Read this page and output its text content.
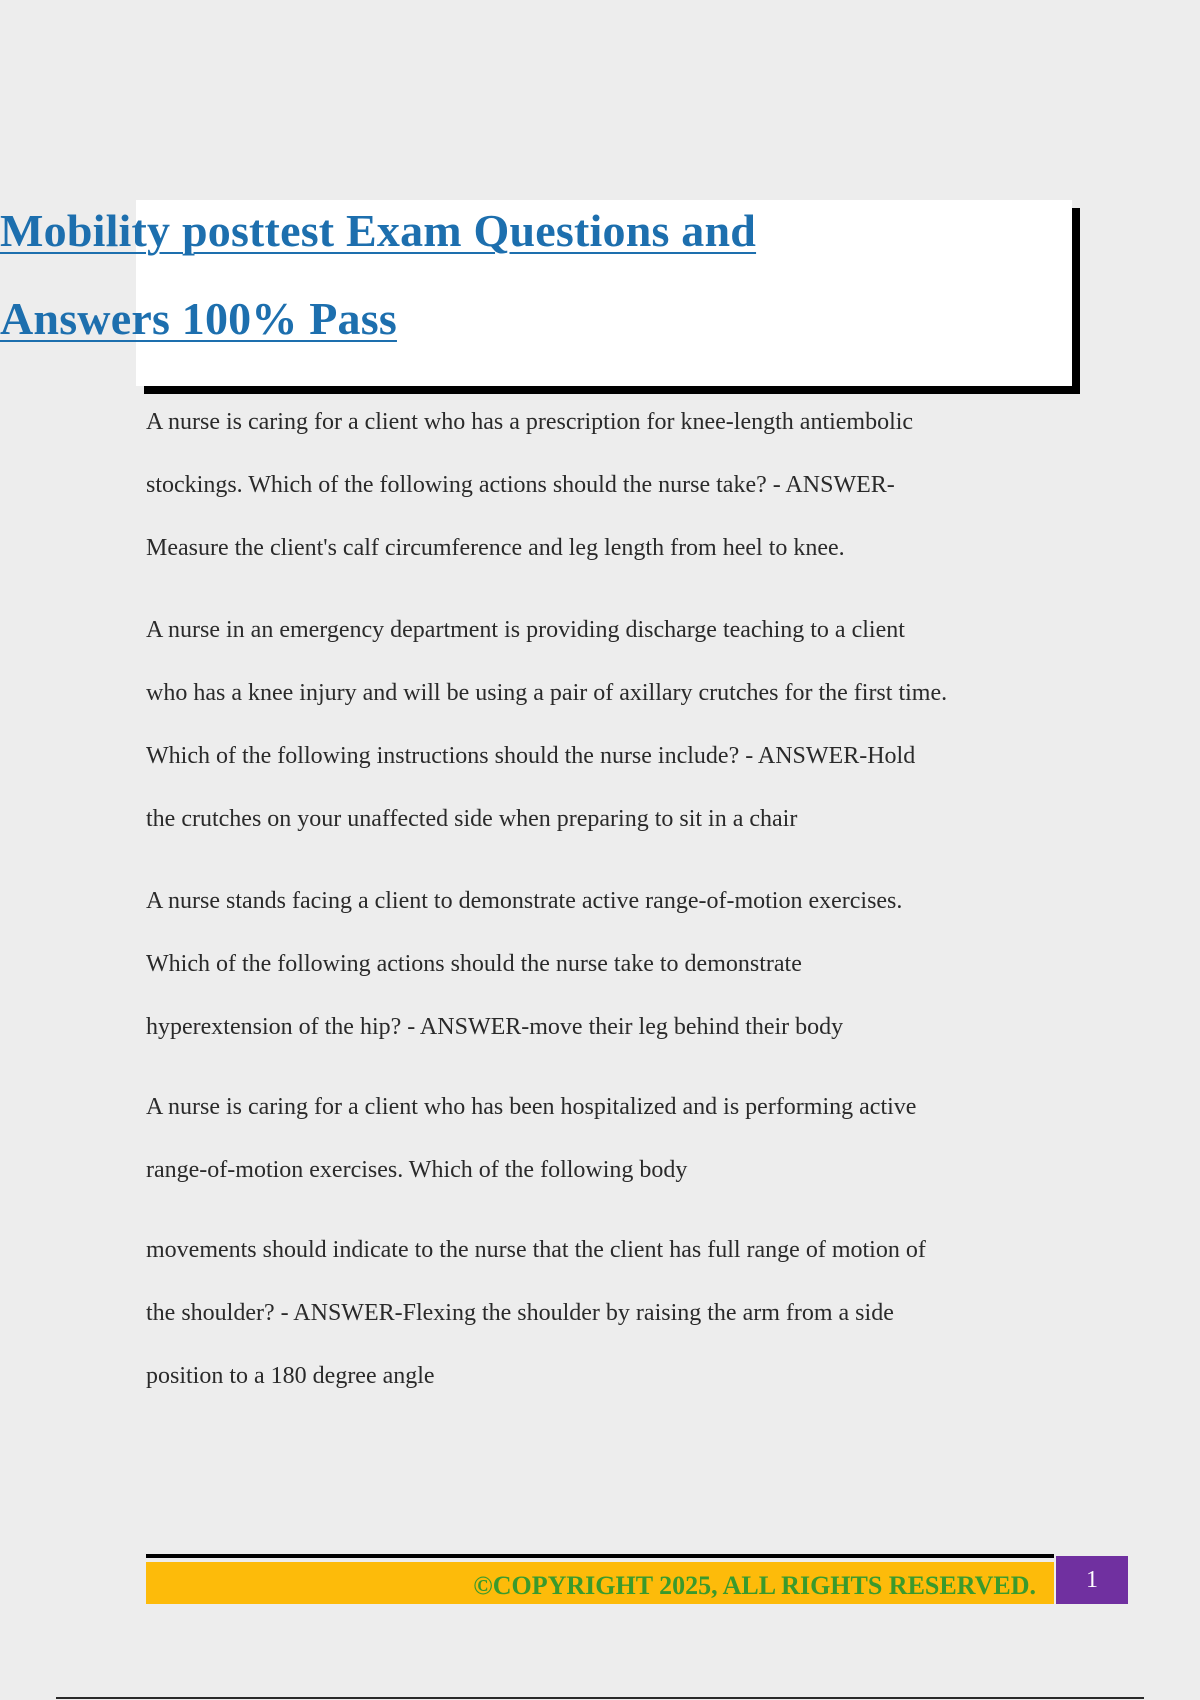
Mobility posttest Exam Questions and
Answers 100% Pass

A nurse is caring for a client who has a prescription for knee-length antiembolic
stockings. Which of the following actions should the nurse take? - ANSWER-
Measure the client's calf circumference and leg length from heel to knee.

A nurse in an emergency department is providing discharge teaching to a client
who has a knee injury and will be using a pair of axillary crutches for the first time.
Which of the following instructions should the nurse include? - ANSWER-Hold
the crutches on your unaffected side when preparing to sit in a chair

A nurse stands facing a client to demonstrate active range-of-motion exercises.
Which of the following actions should the nurse take to demonstrate
hyperextension of the hip? - ANSWER-move their leg behind their body

A nurse is caring for a client who has been hospitalized and is performing active
range-of-motion exercises. Which of the following body

movements should indicate to the nurse that the client has full range of motion of
the shoulder? - ANSWER-Flexing the shoulder by raising the arm from a side
position to a 180 degree angle

©COPYRIGHT 2025, ALL RIGHTS RESERVED.	1
